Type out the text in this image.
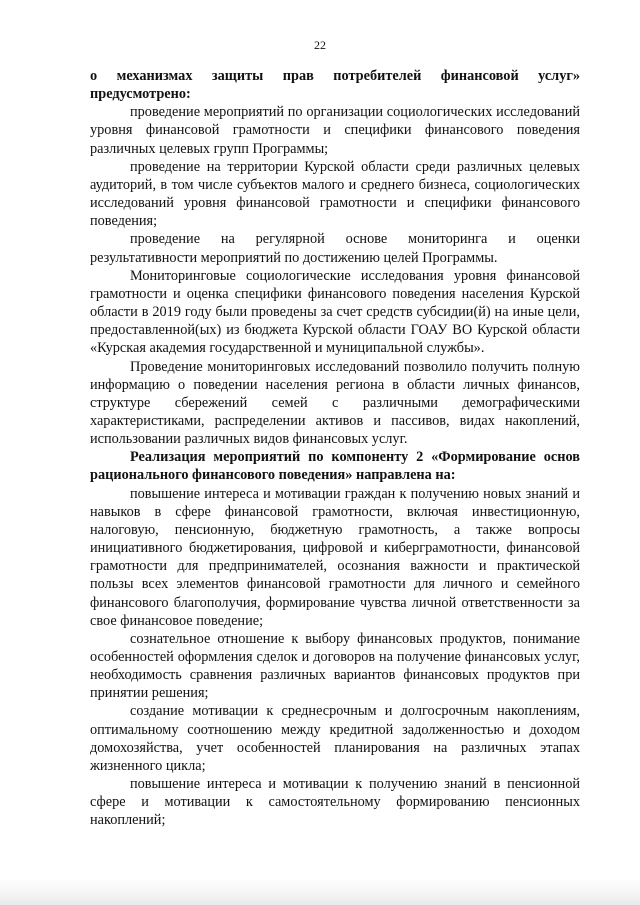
22

о механизмах защиты прав потребителей финансовой услуг» предусмотрено:

проведение мероприятий по организации социологических исследований уровня финансовой грамотности и специфики финансового поведения различных целевых групп Программы;

проведение на территории Курской области среди различных целевых аудиторий, в том числе субъектов малого и среднего бизнеса, социологических исследований уровня финансовой грамотности и специфики финансового поведения;

проведение на регулярной основе мониторинга и оценки результативности мероприятий по достижению целей Программы.

Мониторинговые социологические исследования уровня финансовой грамотности и оценка специфики финансового поведения населения Курской области в 2019 году были проведены за счет средств субсидии(й) на иные цели, предоставленной(ых) из бюджета Курской области ГОАУ ВО Курской области «Курская академия государственной и муниципальной службы».

Проведение мониторинговых исследований позволило получить полную информацию о поведении населения региона в области личных финансов, структуре сбережений семей с различными демографическими характеристиками, распределении активов и пассивов, видах накоплений, использовании различных видов финансовых услуг.

Реализация мероприятий по компоненту 2 «Формирование основ рационального финансового поведения» направлена на:

повышение интереса и мотивации граждан к получению новых знаний и навыков в сфере финансовой грамотности, включая инвестиционную, налоговую, пенсионную, бюджетную грамотность, а также вопросы инициативного бюджетирования, цифровой и киберграмотности, финансовой грамотности для предпринимателей, осознания важности и практической пользы всех элементов финансовой грамотности для личного и семейного финансового благополучия, формирование чувства личной ответственности за свое финансовое поведение;

сознательное отношение к выбору финансовых продуктов, понимание особенностей оформления сделок и договоров на получение финансовых услуг, необходимость сравнения различных вариантов финансовых продуктов при принятии решения;

создание мотивации к среднесрочным и долгосрочным накоплениям, оптимальному соотношению между кредитной задолженностью и доходом домохозяйства, учет особенностей планирования на различных этапах жизненного цикла;

повышение интереса и мотивации к получению знаний в пенсионной сфере и мотивации к самостоятельному формированию пенсионных накоплений;
